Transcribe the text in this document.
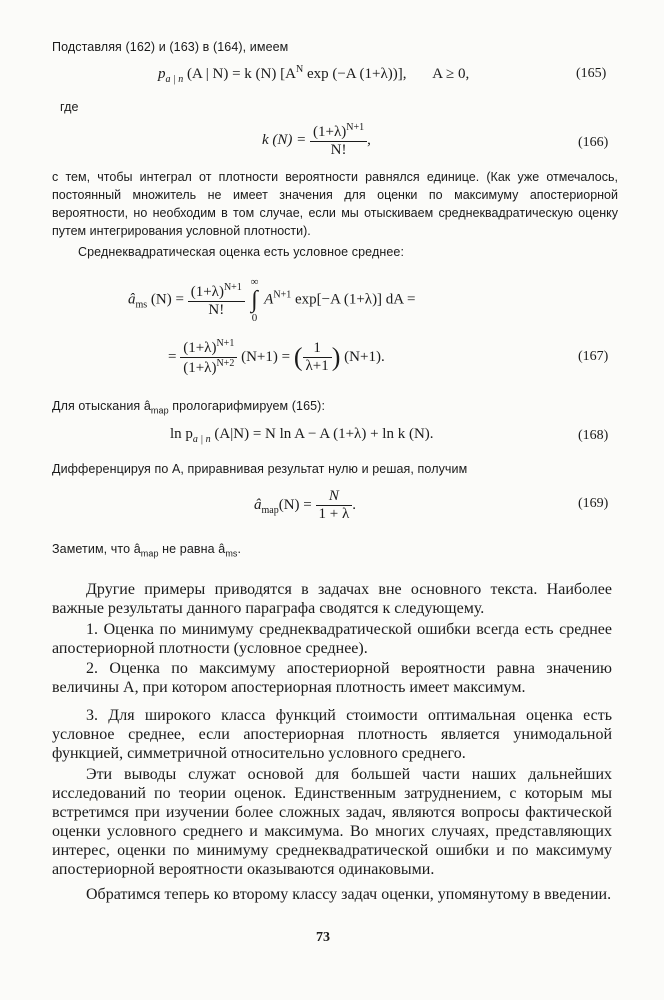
Подставляя (162) и (163) в (164), имеем
$p_{a | n}$ (A | N) = k (N) [$A^N$ exp (−A (1+λ))], A ≥ 0,	(165)
где
k $(N) = \frac{(1+\lambda)^{N+1}}{N!}$ ,	(166)
с тем, чтобы интеграл от плотности вероятности равнялся единице. (Как уже отмечалось, постоянный множитель не имеет значения для оценки по максимуму апостериорной вероятности, но необходим в том случае, если мы отыскиваем среднеквадратическую оценку путем интегрирования условной плотности).
Среднеквадратическая оценка есть условное среднее:
$â_{ms}$ $(N) = \frac{(1+\lambda)^{N+1}}{N!}$
∞
∫
0
$A^{N+1}$ exp[−A (1+λ)] dA =
= $\frac{(1+\lambda)^{N+1}}{(1+\lambda)^{N+2}} (N+1)$ = ( $\frac{1}{\lambda+1}$ ) (N+1).	(167)
Для отыскания $â_{map}$ прологарифмируем (165):
$\ln p_{a | n}$ (A|N) = N ln A − A (1+λ) + ln k (N).	(168)
Дифференцируя по A, приравнивая результат нулю и решая, получим
$â_{map}(N) = \frac{N}{1 + \lambda}$ .	(169)
Заметим, что $â_{map}$ не равна $â_{ms}$.
Другие примеры приводятся в задачах вне основного текста. Наиболее важные результаты данного параграфа сводятся к следующему.
1. Оценка по минимуму среднеквадратической ошибки всегда есть среднее апостериорной плотности (условное среднее).
2. Оценка по максимуму апостериорной вероятности равна значению величины A, при котором апостериорная плотность имеет максимум.
3. Для широкого класса функций стоимости оптимальная оценка есть условное среднее, если апостериорная плотность является унимодальной функцией, симметричной относительно условного среднего.
Эти выводы служат основой для большей части наших дальнейших исследований по теории оценок. Единственным затруднением, с которым мы встретимся при изучении более сложных задач, являются вопросы фактической оценки условного среднего и максимума. Во многих случаях, представляющих интерес, оценки по минимуму среднеквадратической ошибки и по максимуму апостериорной вероятности оказываются одинаковыми.
Обратимся теперь ко второму классу задач оценки, упомянутому в введении.
73
